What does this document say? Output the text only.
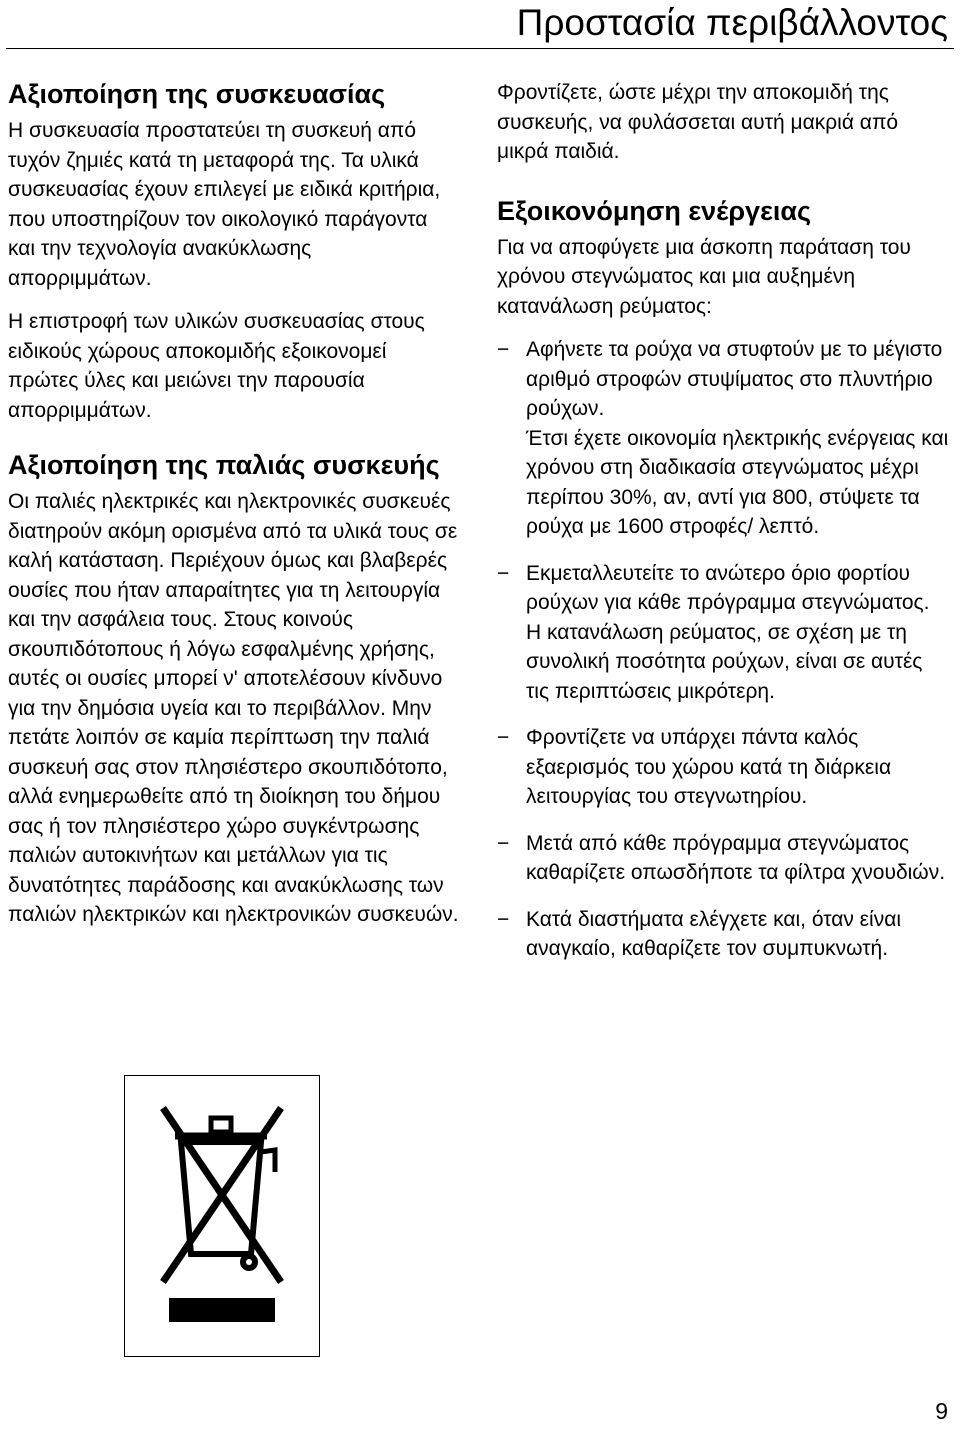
Προστασία περιβάλλοντος
Αξιοποίηση της συσκευασίας

Η συσκευασία προστατεύει τη συσκευή από τυχόν ζημιές κατά τη μεταφορά της. Τα υλικά συσκευασίας έχουν επιλεγεί με ειδικά κριτήρια, που υποστηρίζουν τον οικολογικό παράγοντα και την τεχνολογία ανακύκλωσης απορριμμάτων.

Η επιστροφή των υλικών συσκευασίας στους ειδικούς χώρους αποκομιδής εξοικονομεί πρώτες ύλες και μειώνει την παρουσία απορριμμάτων.

Αξιοποίηση της παλιάς συσκευής

Οι παλιές ηλεκτρικές και ηλεκτρονικές συσκευές διατηρούν ακόμη ορισμένα από τα υλικά τους σε καλή κατάσταση. Περιέχουν όμως και βλαβερές ουσίες που ήταν απαραίτητες για τη λειτουργία και την ασφάλεια τους. Στους κοινούς σκουπιδότοπους ή λόγω εσφαλμένης χρήσης, αυτές οι ουσίες μπορεί ν' αποτελέσουν κίνδυνο για την δημόσια υγεία και το περιβάλλον. Μην πετάτε λοιπόν σε καμία περίπτωση την παλιά συσκευή σας στον πλησιέστερο σκουπιδότοπο, αλλά ενημερωθείτε από τη διοίκηση του δήμου σας ή τον πλησιέστερο χώρο συγκέντρωσης παλιών αυτοκινήτων και μετάλλων για τις δυνατότητες παράδοσης και ανακύκλωσης των παλιών ηλεκτρικών και ηλεκτρονικών συσκευών.

Φροντίζετε, ώστε μέχρι την αποκομιδή της συσκευής, να φυλάσσεται αυτή μακριά από μικρά παιδιά.

Εξοικονόμηση ενέργειας

Για να αποφύγετε μια άσκοπη παράταση του χρόνου στεγνώματος και μια αυξημένη κατανάλωση ρεύματος:

− Αφήνετε τα ρούχα να στυφτούν με το μέγιστο αριθμό στροφών στυψίματος στο πλυντήριο ρούχων.
Έτσι έχετε οικονομία ηλεκτρικής ενέργειας και χρόνου στη διαδικασία στεγνώματος μέχρι περίπου 30%, αν, αντί για 800, στύψετε τα ρούχα με 1600 στροφές/ λεπτό.
− Εκμεταλλευτείτε το ανώτερο όριο φορτίου ρούχων για κάθε πρόγραμμα στεγνώματος. Η κατανάλωση ρεύματος, σε σχέση με τη συνολική ποσότητα ρούχων, είναι σε αυτές τις περιπτώσεις μικρότερη.
− Φροντίζετε να υπάρχει πάντα καλός εξαερισμός του χώρου κατά τη διάρκεια λειτουργίας του στεγνωτηρίου.
− Μετά από κάθε πρόγραμμα στεγνώματος καθαρίζετε οπωσδήποτε τα φίλτρα χνουδιών.
− Κατά διαστήματα ελέγχετε και, όταν είναι αναγκαίο, καθαρίζετε τον συμπυκνωτή.
9
